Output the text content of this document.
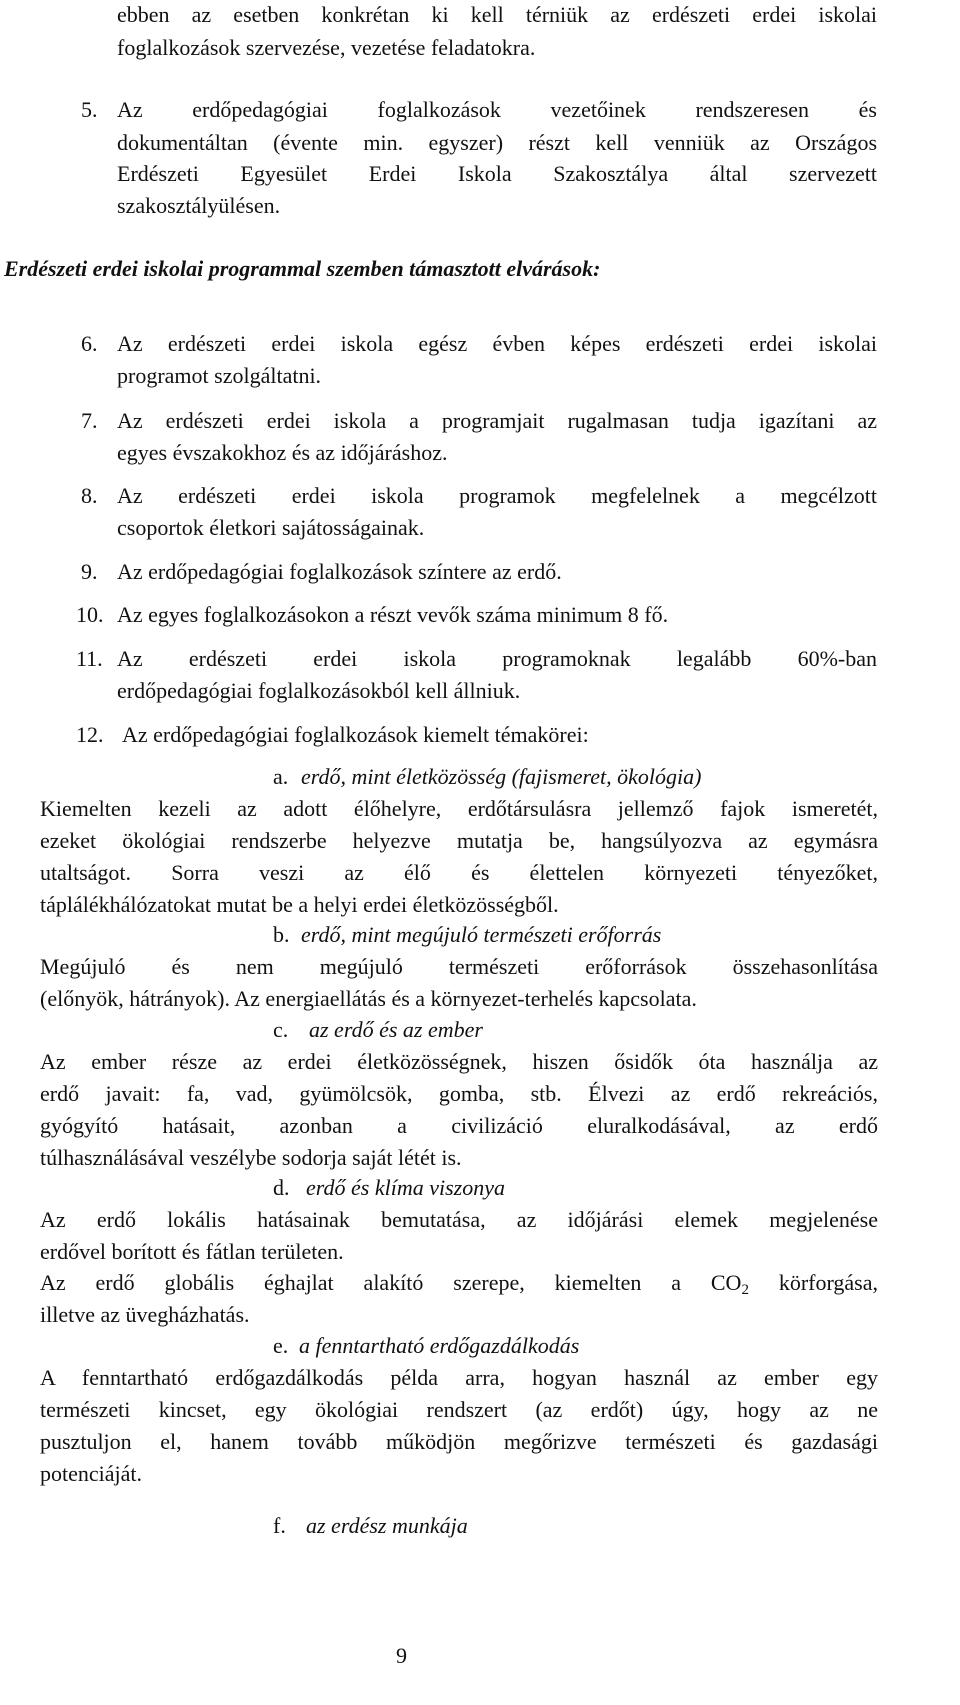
ebben az esetben konkrétan ki kell térniük az erdészeti erdei iskolai
foglalkozások szervezése, vezetése feladatokra.
5. Az erdőpedagógiai foglalkozások vezetőinek rendszeresen és
dokumentáltan (évente min. egyszer) részt kell venniük az Országos
Erdészeti Egyesület Erdei Iskola Szakosztálya által szervezett
szakosztályülésen.
Erdészeti erdei iskolai programmal szemben támasztott elvárások:
6. Az erdészeti erdei iskola egész évben képes erdészeti erdei iskolai
programot szolgáltatni.
7. Az erdészeti erdei iskola a programjait rugalmasan tudja igazítani az
egyes évszakokhoz és az időjáráshoz.
8. Az erdészeti erdei iskola programok megfelelnek a megcélzott
csoportok életkori sajátosságainak.
9. Az erdőpedagógiai foglalkozások színtere az erdő.
10. Az egyes foglalkozásokon a részt vevők száma minimum 8 fő.
11. Az erdészeti erdei iskola programoknak legalább 60%-ban
erdőpedagógiai foglalkozásokból kell állniuk.
12. Az erdőpedagógiai foglalkozások kiemelt témakörei:
a. erdő, mint életközösség (fajismeret, ökológia)
Kiemelten kezeli az adott élőhelyre, erdőtársulásra jellemző fajok ismeretét,
ezeket ökológiai rendszerbe helyezve mutatja be, hangsúlyozva az egymásra
utaltságot. Sorra veszi az élő és élettelen környezeti tényezőket,
táplálékhálózatokat mutat be a helyi erdei életközösségből.
b. erdő, mint megújuló természeti erőforrás
Megújuló és nem megújuló természeti erőforrások összehasonlítása
(előnyök, hátrányok). Az energiaellátás és a környezet-terhelés kapcsolata.
c. az erdő és az ember
Az ember része az erdei életközösségnek, hiszen ősidők óta használja az
erdő javait: fa, vad, gyümölcsök, gomba, stb. Élvezi az erdő rekreációs,
gyógyító hatásait, azonban a civilizáció eluralkodásával, az erdő
túlhasználásával veszélybe sodorja saját létét is.
d. erdő és klíma viszonya
Az erdő lokális hatásainak bemutatása, az időjárási elemek megjelenése
erdővel borított és fátlan területen.
Az erdő globális éghajlat alakító szerepe, kiemelten a $CO_2$ körforgása,
illetve az üvegházhatás.
e. a fenntartható erdőgazdálkodás
A fenntartható erdőgazdálkodás példa arra, hogyan használ az ember egy
természeti kincset, egy ökológiai rendszert (az erdőt) úgy, hogy az ne
pusztuljon el, hanem tovább működjön megőrizve természeti és gazdasági
potenciáját.
f. az erdész munkája
9
